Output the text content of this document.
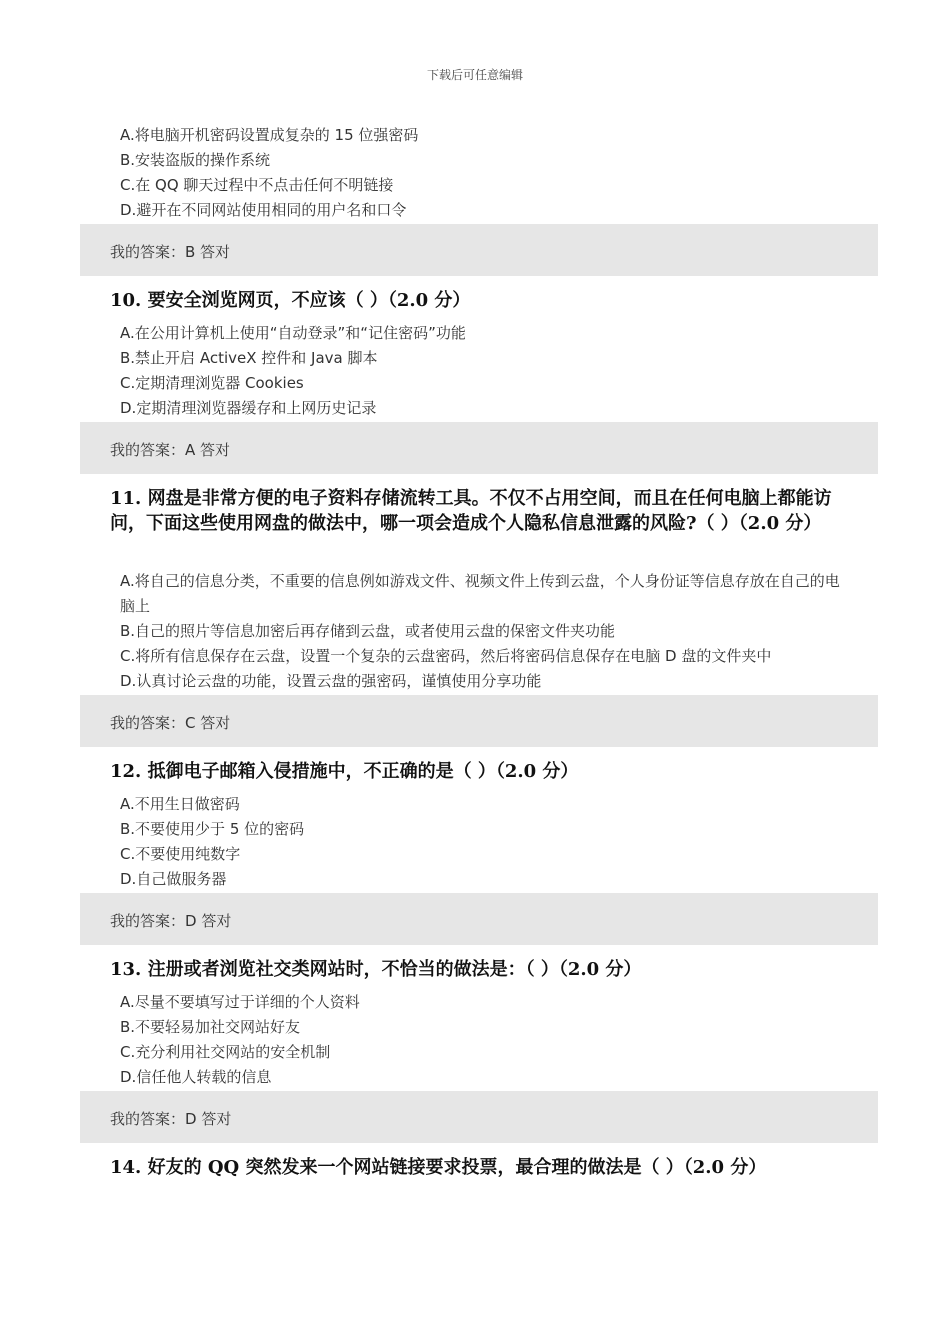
下载后可任意编辑
A.将电脑开机密码设置成复杂的 15 位强密码
B.安装盗版的操作系统
C.在 QQ 聊天过程中不点击任何不明链接
D.避开在不同网站使用相同的用户名和口令
我的答案：B 答对
10. 要安全浏览网页，不应该（ ）（2.0 分）
A.在公用计算机上使用“自动登录”和“记住密码”功能
B.禁止开启 ActiveX 控件和 Java 脚本
C.定期清理浏览器 Cookies
D.定期清理浏览器缓存和上网历史记录
我的答案：A 答对
11. 网盘是非常方便的电子资料存储流转工具。不仅不占用空间，而且在任何电脑上都能访问，下面这些使用网盘的做法中，哪一项会造成个人隐私信息泄露的风险?（ ）（2.0 分）
A.将自己的信息分类，不重要的信息例如游戏文件、视频文件上传到云盘，个人身份证等信息存放在自己的电脑上
B.自己的照片等信息加密后再存储到云盘，或者使用云盘的保密文件夹功能
C.将所有信息保存在云盘，设置一个复杂的云盘密码，然后将密码信息保存在电脑 D 盘的文件夹中
D.认真讨论云盘的功能，设置云盘的强密码，谨慎使用分享功能
我的答案：C 答对
12. 抵御电子邮箱入侵措施中，不正确的是（ ）（2.0 分）
A.不用生日做密码
B.不要使用少于 5 位的密码
C.不要使用纯数字
D.自己做服务器
我的答案：D 答对
13. 注册或者浏览社交类网站时，不恰当的做法是：（ ）（2.0 分）
A.尽量不要填写过于详细的个人资料
B.不要轻易加社交网站好友
C.充分利用社交网站的安全机制
D.信任他人转载的信息
我的答案：D 答对
14. 好友的 QQ 突然发来一个网站链接要求投票，最合理的做法是（ ）（2.0 分）
